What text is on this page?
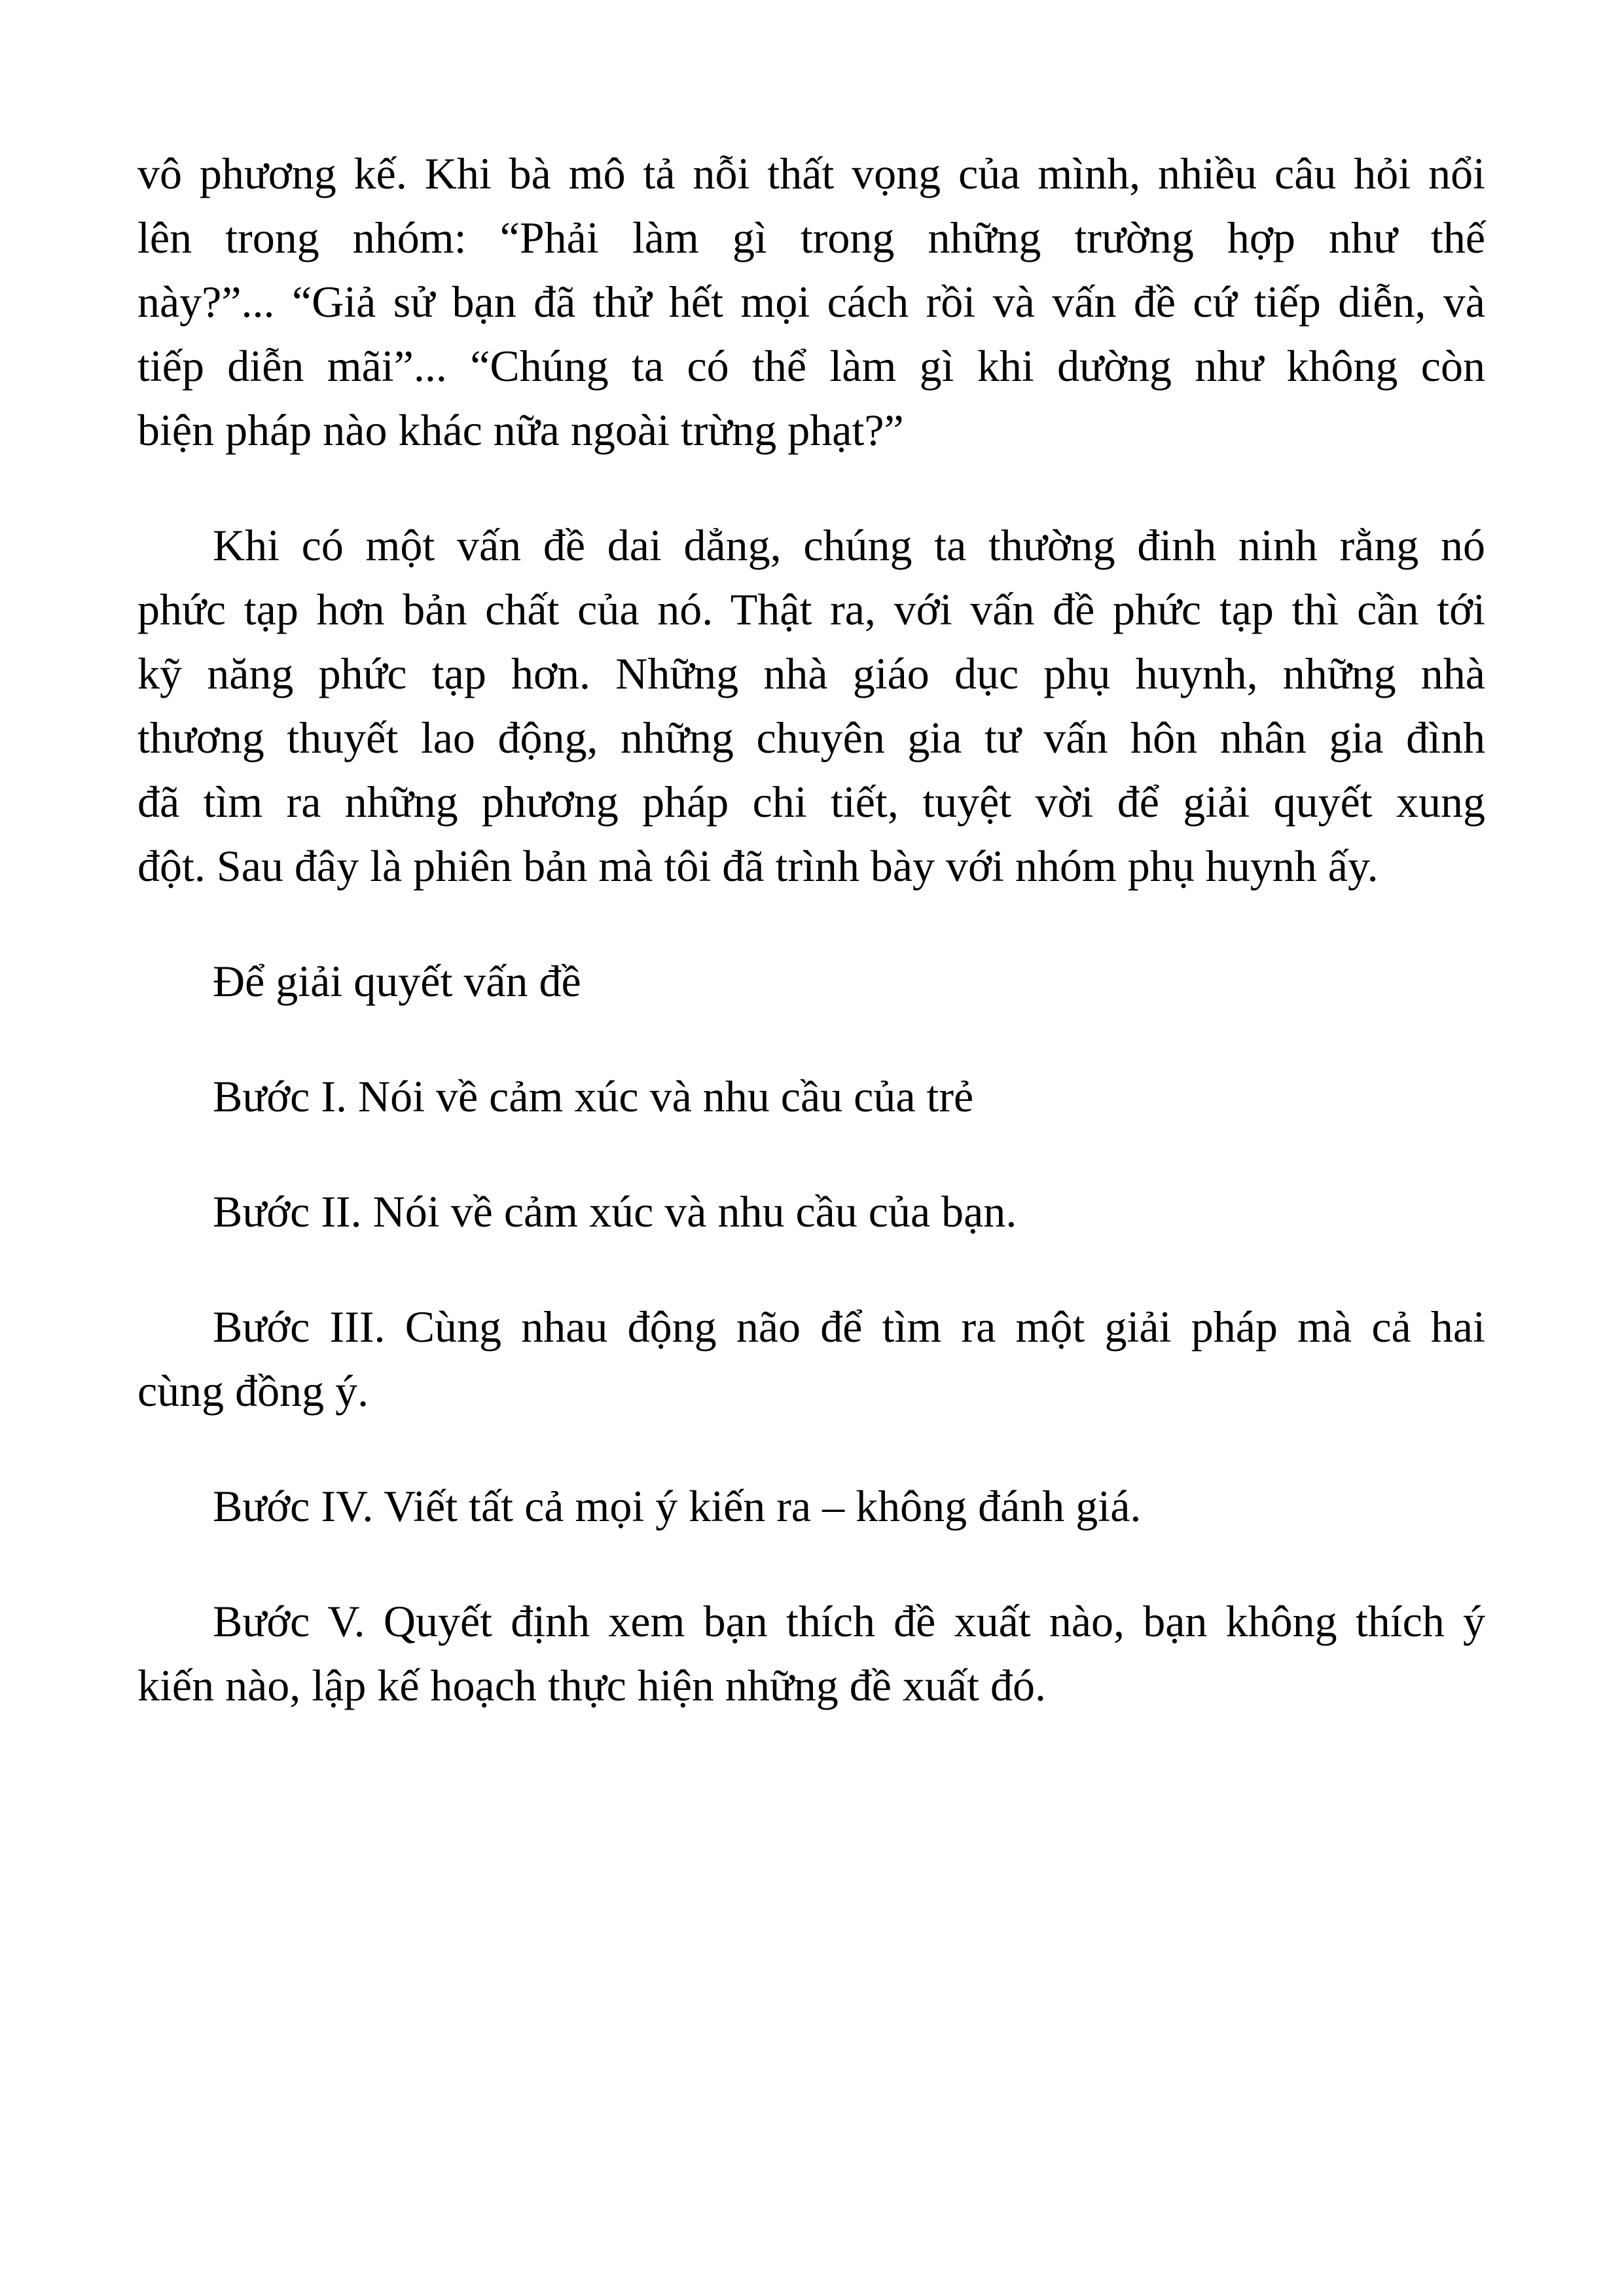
vô phương kế. Khi bà mô tả nỗi thất vọng của mình, nhiều câu hỏi nổi
lên trong nhóm: “Phải làm gì trong những trường hợp như thế
này?”... “Giả sử bạn đã thử hết mọi cách rồi và vấn đề cứ tiếp diễn, và
tiếp diễn mãi”... “Chúng ta có thể làm gì khi dường như không còn
biện pháp nào khác nữa ngoài trừng phạt?”

Khi có một vấn đề dai dẳng, chúng ta thường đinh ninh rằng nó
phức tạp hơn bản chất của nó. Thật ra, với vấn đề phức tạp thì cần tới
kỹ năng phức tạp hơn. Những nhà giáo dục phụ huynh, những nhà
thương thuyết lao động, những chuyên gia tư vấn hôn nhân gia đình
đã tìm ra những phương pháp chi tiết, tuyệt vời để giải quyết xung
đột. Sau đây là phiên bản mà tôi đã trình bày với nhóm phụ huynh ấy.

Để giải quyết vấn đề

Bước I. Nói về cảm xúc và nhu cầu của trẻ

Bước II. Nói về cảm xúc và nhu cầu của bạn.

Bước III. Cùng nhau động não để tìm ra một giải pháp mà cả hai
cùng đồng ý.

Bước IV. Viết tất cả mọi ý kiến ra – không đánh giá.

Bước V. Quyết định xem bạn thích đề xuất nào, bạn không thích ý
kiến nào, lập kế hoạch thực hiện những đề xuất đó.
